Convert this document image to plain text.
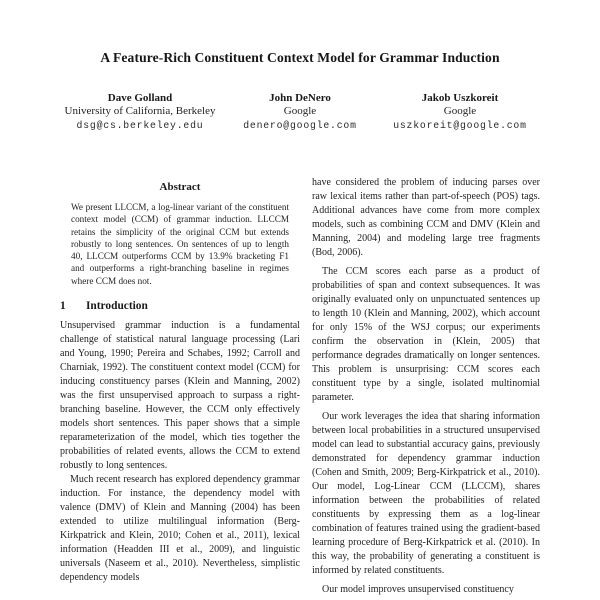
A Feature-Rich Constituent Context Model for Grammar Induction
Dave Golland
University of California, Berkeley
dsg@cs.berkeley.edu
John DeNero
Google
denero@google.com
Jakob Uszkoreit
Google
uszkoreit@google.com
Abstract

We present LLCCM, a log-linear variant of the constituent context model (CCM) of grammar induction. LLCCM retains the simplicity of the original CCM but extends robustly to long sentences. On sentences of up to length 40, LLCCM outperforms CCM by 13.9% bracketing F1 and outperforms a right-branching baseline in regimes where CCM does not.

1	Introduction

Unsupervised grammar induction is a fundamental challenge of statistical natural language processing (Lari and Young, 1990; Pereira and Schabes, 1992; Carroll and Charniak, 1992). The constituent context model (CCM) for inducing constituency parses (Klein and Manning, 2002) was the first unsupervised approach to surpass a right-branching baseline. However, the CCM only effectively models short sentences. This paper shows that a simple reparameterization of the model, which ties together the probabilities of related events, allows the CCM to extend robustly to long sentences.

Much recent research has explored dependency grammar induction. For instance, the dependency model with valence (DMV) of Klein and Manning (2004) has been extended to utilize multilingual information (Berg-Kirkpatrick and Klein, 2010; Cohen et al., 2011), lexical information (Headden III et al., 2009), and linguistic universals (Naseem et al., 2010). Nevertheless, simplistic dependency models

have considered the problem of inducing parses over raw lexical items rather than part-of-speech (POS) tags. Additional advances have come from more complex models, such as combining CCM and DMV (Klein and Manning, 2004) and modeling large tree fragments (Bod, 2006).

The CCM scores each parse as a product of probabilities of span and context subsequences. It was originally evaluated only on unpunctuated sentences up to length 10 (Klein and Manning, 2002), which account for only 15% of the WSJ corpus; our experiments confirm the observation in (Klein, 2005) that performance degrades dramatically on longer sentences. This problem is unsurprising: CCM scores each constituent type by a single, isolated multinomial parameter.

Our work leverages the idea that sharing information between local probabilities in a structured unsupervised model can lead to substantial accuracy gains, previously demonstrated for dependency grammar induction (Cohen and Smith, 2009; Berg-Kirkpatrick et al., 2010). Our model, Log-Linear CCM (LLCCM), shares information between the probabilities of related constituents by expressing them as a log-linear combination of features trained using the gradient-based learning procedure of Berg-Kirkpatrick et al. (2010). In this way, the probability of generating a constituent is informed by related constituents.

Our model improves unsupervised constituency
